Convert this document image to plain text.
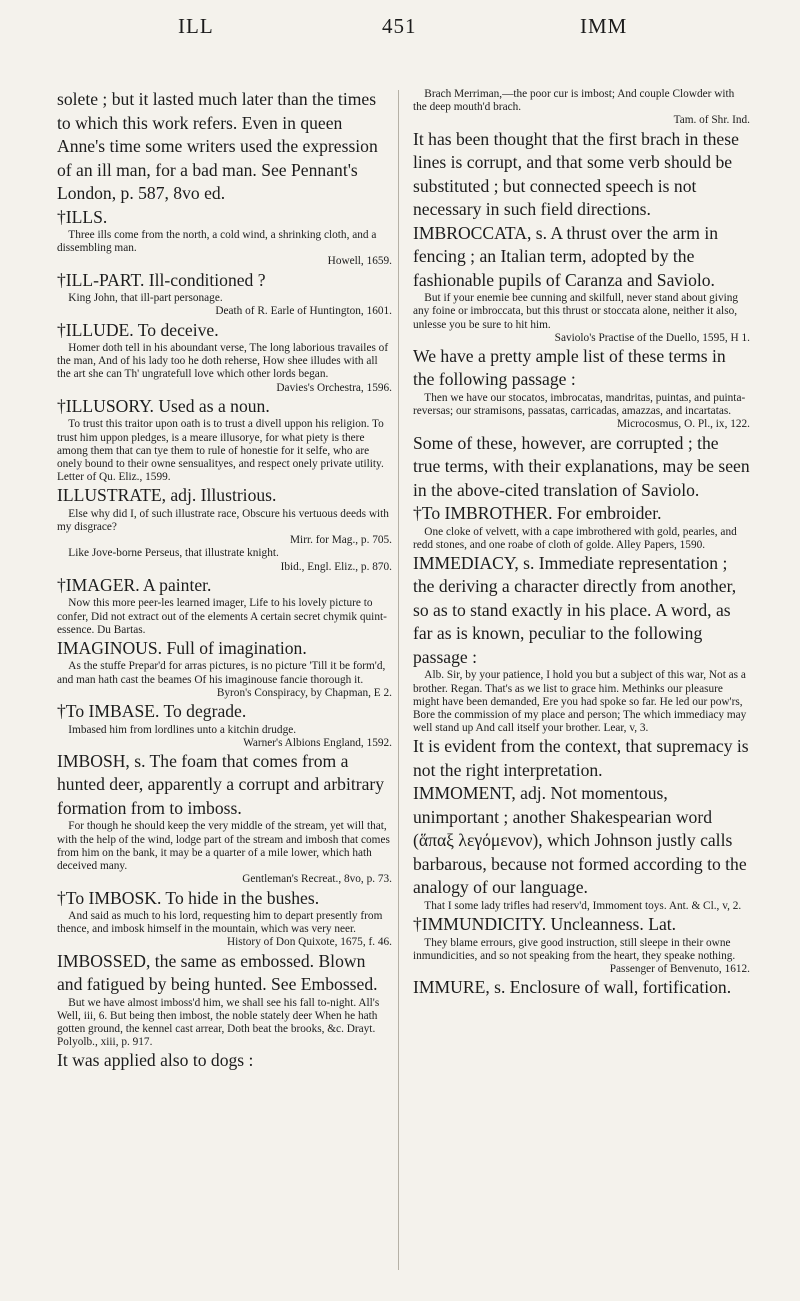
ILL	451	IMM

solete ; but it lasted much later than the times to which this work refers. Even in queen Anne's time some writers used the expression of an ill man, for a bad man. See Pennant's London, p. 587, 8vo ed.

†ILLS.

Three ills come from the north, a cold wind, a shrinking cloth, and a dissembling man.

Howell, 1659.

†ILL-PART. Ill-conditioned ?

King John, that ill-part personage.

Death of R. Earle of Huntington, 1601.

†ILLUDE. To deceive.

Homer doth tell in his aboundant verse, The long laborious travailes of the man, And of his lady too he doth reherse, How shee illudes with all the art she can Th' ungratefull love which other lords began.

Davies's Orchestra, 1596.

†ILLUSORY. Used as a noun.

To trust this traitor upon oath is to trust a divell uppon his religion. To trust him uppon pledges, is a meare illusorye, for what piety is there among them that can tye them to rule of honestie for it selfe, who are onely bound to their owne sensualityes, and respect onely private utility. Letter of Qu. Eliz., 1599.

ILLUSTRATE, adj. Illustrious.

Else why did I, of such illustrate race, Obscure his vertuous deeds with my disgrace?

Mirr. for Mag., p. 705.

Like Jove-borne Perseus, that illustrate knight.

Ibid., Engl. Eliz., p. 870.

†IMAGER. A painter.

Now this more peer-les learned imager, Life to his lovely picture to confer, Did not extract out of the elements A certain secret chymik quint-essence. Du Bartas.

IMAGINOUS. Full of imagination.

As the stuffe Prepar'd for arras pictures, is no picture 'Till it be form'd, and man hath cast the beames Of his imaginouse fancie thorough it.

Byron's Conspiracy, by Chapman, E 2.

†To IMBASE. To degrade.

Imbased him from lordlines unto a kitchin drudge.

Warner's Albions England, 1592.

IMBOSH, s. The foam that comes from a hunted deer, apparently a corrupt and arbitrary formation from to imboss.

For though he should keep the very middle of the stream, yet will that, with the help of the wind, lodge part of the stream and imbosh that comes from him on the bank, it may be a quarter of a mile lower, which hath deceived many.

Gentleman's Recreat., 8vo, p. 73.

†To IMBOSK. To hide in the bushes.

And said as much to his lord, requesting him to depart presently from thence, and imbosk himself in the mountain, which was very neer.

History of Don Quixote, 1675, f. 46.

IMBOSSED, the same as embossed. Blown and fatigued by being hunted. See Embossed.

But we have almost imboss'd him, we shall see his fall to-night. All's Well, iii, 6. But being then imbost, the noble stately deer When he hath gotten ground, the kennel cast arrear, Doth beat the brooks, &c. Drayt. Polyolb., xiii, p. 917.

It was applied also to dogs :

Brach Merriman,—the poor cur is imbost; And couple Clowder with the deep mouth'd brach.

Tam. of Shr. Ind.

It has been thought that the first brach in these lines is corrupt, and that some verb should be substituted ; but connected speech is not necessary in such field directions.

IMBROCCATA, s. A thrust over the arm in fencing ; an Italian term, adopted by the fashionable pupils of Caranza and Saviolo.

But if your enemie bee cunning and skilfull, never stand about giving any foine or imbroccata, but this thrust or stoccata alone, neither it also, unlesse you be sure to hit him.

Saviolo's Practise of the Duello, 1595, H 1.

We have a pretty ample list of these terms in the following passage :

Then we have our stocatos, imbrocatas, mandritas, puintas, and puinta-reversas; our stramisons, passatas, carricadas, amazzas, and incartatas.

Microcosmus, O. Pl., ix, 122.

Some of these, however, are corrupted ; the true terms, with their explanations, may be seen in the above-cited translation of Saviolo.

†To IMBROTHER. For embroider.

One cloke of velvett, with a cape imbrothered with gold, pearles, and redd stones, and one roabe of cloth of golde. Alley Papers, 1590.

IMMEDIACY, s. Immediate representation ; the deriving a character directly from another, so as to stand exactly in his place. A word, as far as is known, peculiar to the following passage :

Alb. Sir, by your patience, I hold you but a subject of this war, Not as a brother. Regan. That's as we list to grace him. Methinks our pleasure might have been demanded, Ere you had spoke so far. He led our pow'rs, Bore the commission of my place and person; The which immediacy may well stand up And call itself your brother. Lear, v, 3.

It is evident from the context, that supremacy is not the right interpretation.

IMMOMENT, adj. Not momentous, unimportant ; another Shakespearian word (ἅπαξ λεγόμενον), which Johnson justly calls barbarous, because not formed according to the analogy of our language.

That I some lady trifles had reserv'd, Immoment toys. Ant. & Cl., v, 2.

†IMMUNDICITY. Uncleanness. Lat.

They blame errours, give good instruction, still sleepe in their owne inmundicities, and so not speaking from the heart, they speake nothing.

Passenger of Benvenuto, 1612.

IMMURE, s. Enclosure of wall, fortification.
